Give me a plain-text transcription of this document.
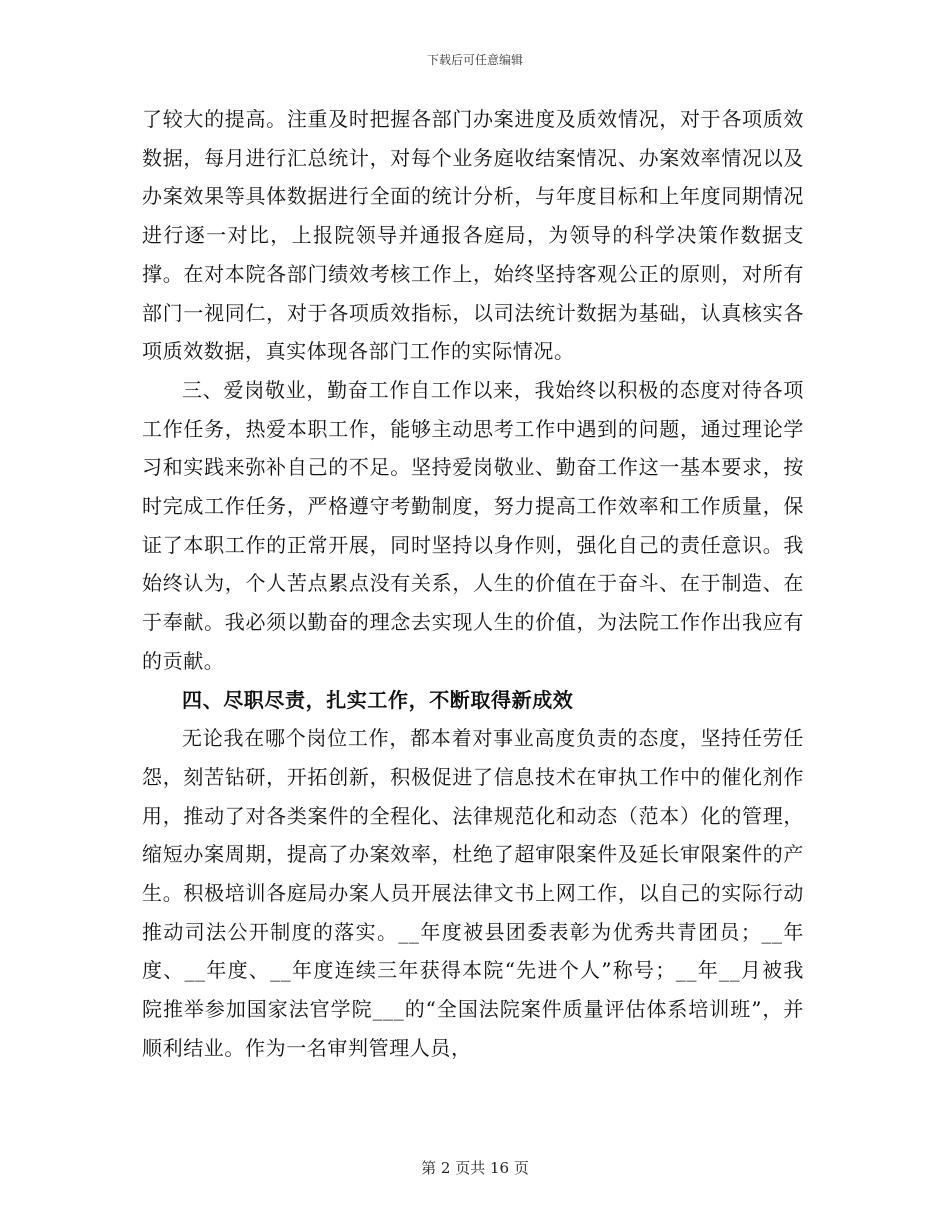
下载后可任意编辑

了较大的提高。注重及时把握各部门办案进度及质效情况，对于各项质效数据，每月进行汇总统计，对每个业务庭收结案情况、办案效率情况以及办案效果等具体数据进行全面的统计分析，与年度目标和上年度同期情况进行逐一对比，上报院领导并通报各庭局，为领导的科学决策作数据支撑。在对本院各部门绩效考核工作上，始终坚持客观公正的原则，对所有部门一视同仁，对于各项质效指标，以司法统计数据为基础，认真核实各项质效数据，真实体现各部门工作的实际情况。

三、爱岗敬业，勤奋工作自工作以来，我始终以积极的态度对待各项工作任务，热爱本职工作，能够主动思考工作中遇到的问题，通过理论学习和实践来弥补自己的不足。坚持爱岗敬业、勤奋工作这一基本要求，按时完成工作任务，严格遵守考勤制度，努力提高工作效率和工作质量，保证了本职工作的正常开展，同时坚持以身作则，强化自己的责任意识。我始终认为，个人苦点累点没有关系，人生的价值在于奋斗、在于制造、在于奉献。我必须以勤奋的理念去实现人生的价值，为法院工作作出我应有的贡献。

四、尽职尽责，扎实工作，不断取得新成效

无论我在哪个岗位工作，都本着对事业高度负责的态度，坚持任劳任怨，刻苦钻研，开拓创新，积极促进了信息技术在审执工作中的催化剂作用，推动了对各类案件的全程化、法律规范化和动态（范本）化的管理，缩短办案周期，提高了办案效率，杜绝了超审限案件及延长审限案件的产生。积极培训各庭局办案人员开展法律文书上网工作，以自己的实际行动推动司法公开制度的落实。__年度被县团委表彰为优秀共青团员；__年度、__年度、__年度连续三年获得本院“先进个人”称号；__年__月被我院推举参加国家法官学院___的“全国法院案件质量评估体系培训班”，并顺利结业。作为一名审判管理人员，

第 2 页共 16 页
